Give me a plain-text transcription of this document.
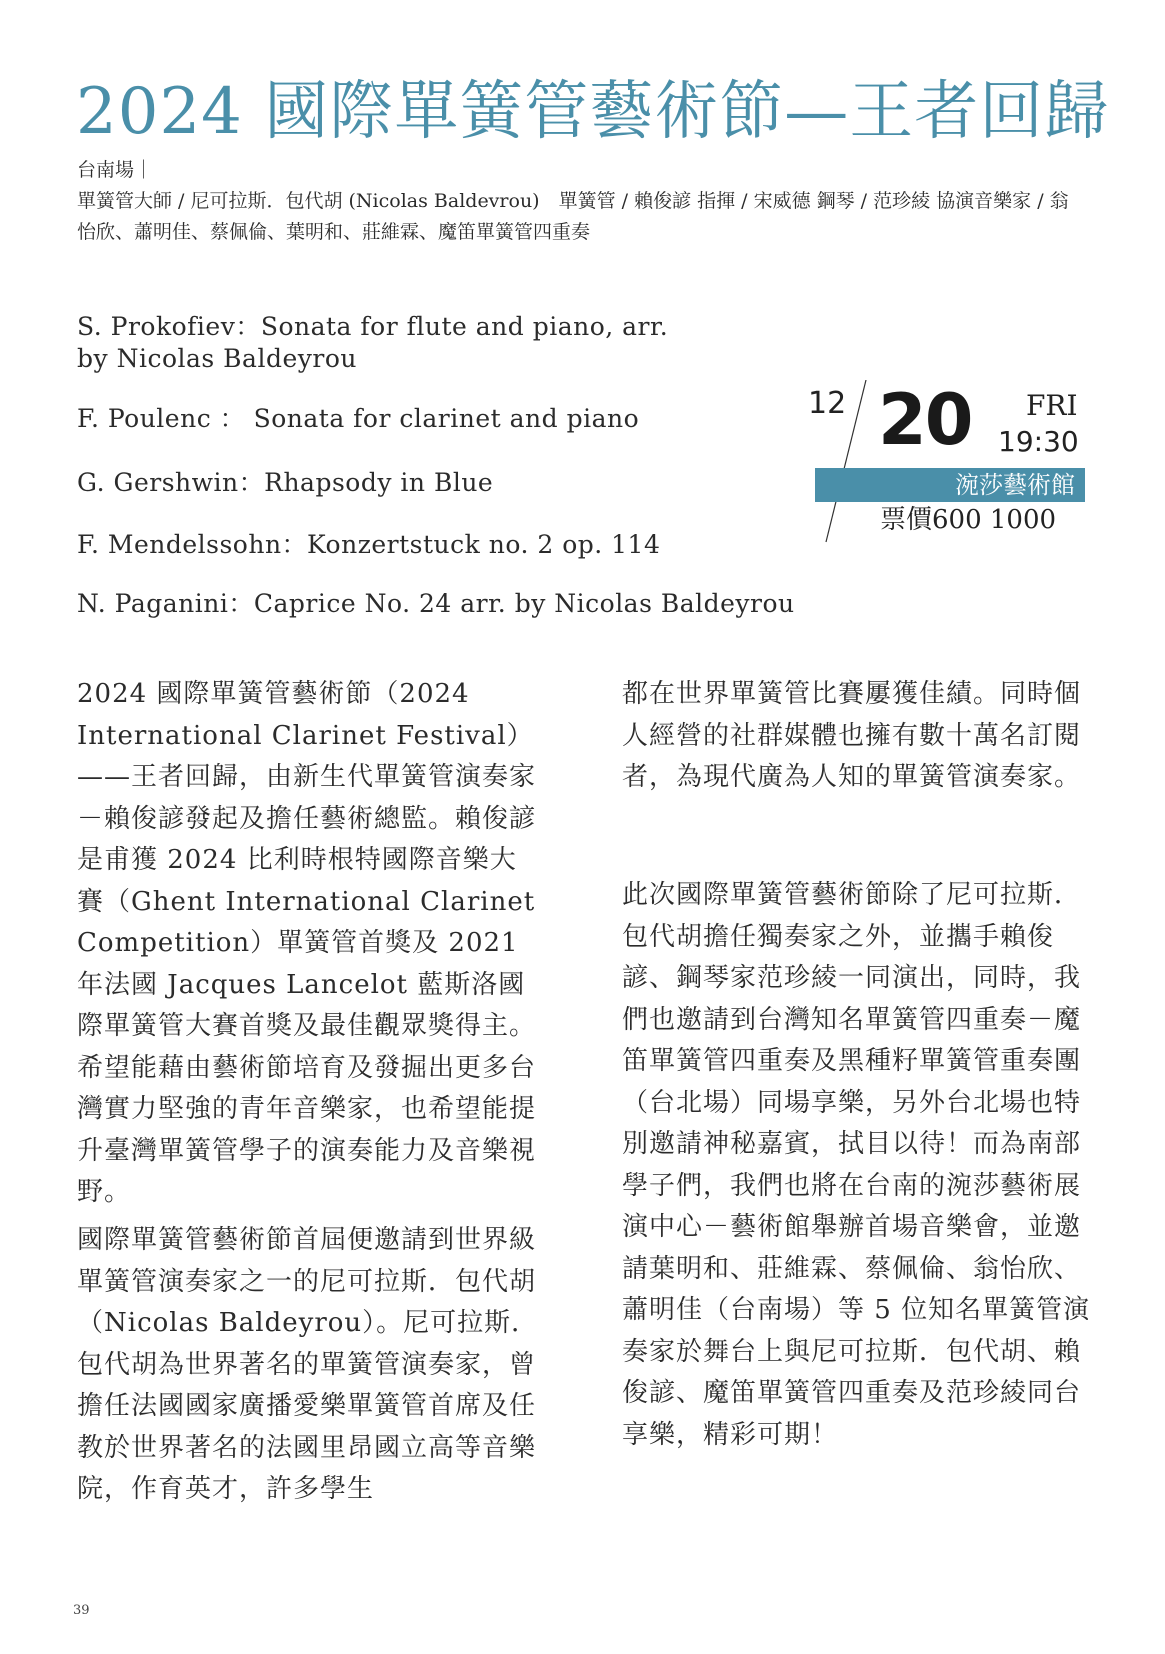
2024 國際單簧管藝術節—王者回歸
台南場｜
單簧管大師 / 尼可拉斯．包代胡 (Nicolas Baldevrou)　單簧管 / 賴俊諺 指揮 / 宋威德 鋼琴 / 范珍綾 協演音樂家 / 翁怡欣、蕭明佳、蔡佩倫、葉明和、莊維霖、魔笛單簧管四重奏
S. Prokofiev：Sonata for flute and piano, arr.
by Nicolas Baldeyrou
F. Poulenc ： Sonata for clarinet and piano
G. Gershwin：Rhapsody in Blue
F. Mendelssohn：Konzertstuck no. 2 op. 114
N. Paganini：Caprice No. 24 arr. by Nicolas Baldeyrou
12 20 FRI
19:30
涴莎藝術館
票價600 1000

2024 國際單簧管藝術節（2024 International Clarinet Festival）——王者回歸，由新生代單簧管演奏家－賴俊諺發起及擔任藝術總監。賴俊諺是甫獲 2024 比利時根特國際音樂大賽（Ghent International Clarinet Competition）單簧管首獎及 2021 年法國 Jacques Lancelot 藍斯洛國際單簧管大賽首獎及最佳觀眾獎得主。希望能藉由藝術節培育及發掘出更多台灣實力堅強的青年音樂家，也希望能提升臺灣單簧管學子的演奏能力及音樂視野。

國際單簧管藝術節首屆便邀請到世界級單簧管演奏家之一的尼可拉斯．包代胡（Nicolas Baldeyrou）。尼可拉斯．包代胡為世界著名的單簧管演奏家，曾擔任法國國家廣播愛樂單簧管首席及任教於世界著名的法國里昂國立高等音樂院，作育英才，許多學生

都在世界單簧管比賽屢獲佳績。同時個人經營的社群媒體也擁有數十萬名訂閱者，為現代廣為人知的單簧管演奏家。

此次國際單簧管藝術節除了尼可拉斯．包代胡擔任獨奏家之外，並攜手賴俊諺、鋼琴家范珍綾一同演出，同時，我們也邀請到台灣知名單簧管四重奏－魔笛單簧管四重奏及黑種籽單簧管重奏團（台北場）同場享樂，另外台北場也特別邀請神秘嘉賓，拭目以待！而為南部學子們，我們也將在台南的涴莎藝術展演中心－藝術館舉辦首場音樂會，並邀請葉明和、莊維霖、蔡佩倫、翁怡欣、蕭明佳（台南場）等 5 位知名單簧管演奏家於舞台上與尼可拉斯．包代胡、賴俊諺、魔笛單簧管四重奏及范珍綾同台享樂，精彩可期！

39
